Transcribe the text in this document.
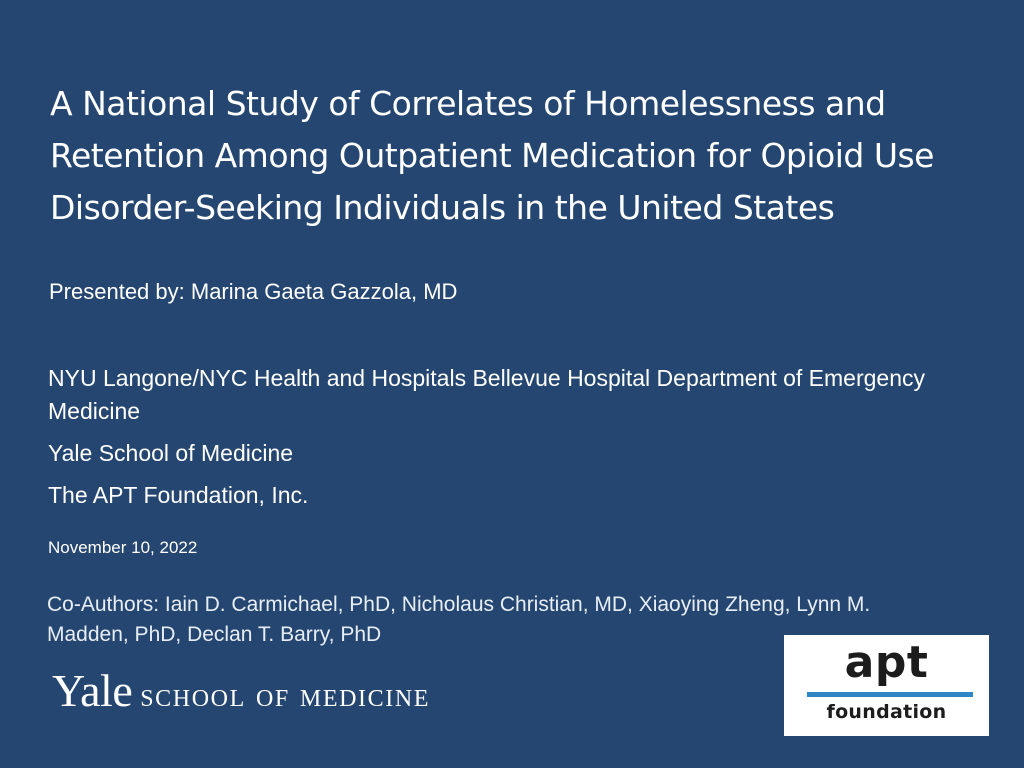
A National Study of Correlates of Homelessness and Retention Among Outpatient Medication for Opioid Use Disorder-Seeking Individuals in the United States
Presented by: Marina Gaeta Gazzola, MD
NYU Langone/NYC Health and Hospitals Bellevue Hospital Department of Emergency Medicine
Yale School of Medicine
The APT Foundation, Inc.
November 10, 2022
Co-Authors: Iain D. Carmichael, PhD, Nicholaus Christian, MD, Xiaoying Zheng, Lynn M. Madden, PhD, Declan T. Barry, PhD
Yale school of medicine
apt
foundation
